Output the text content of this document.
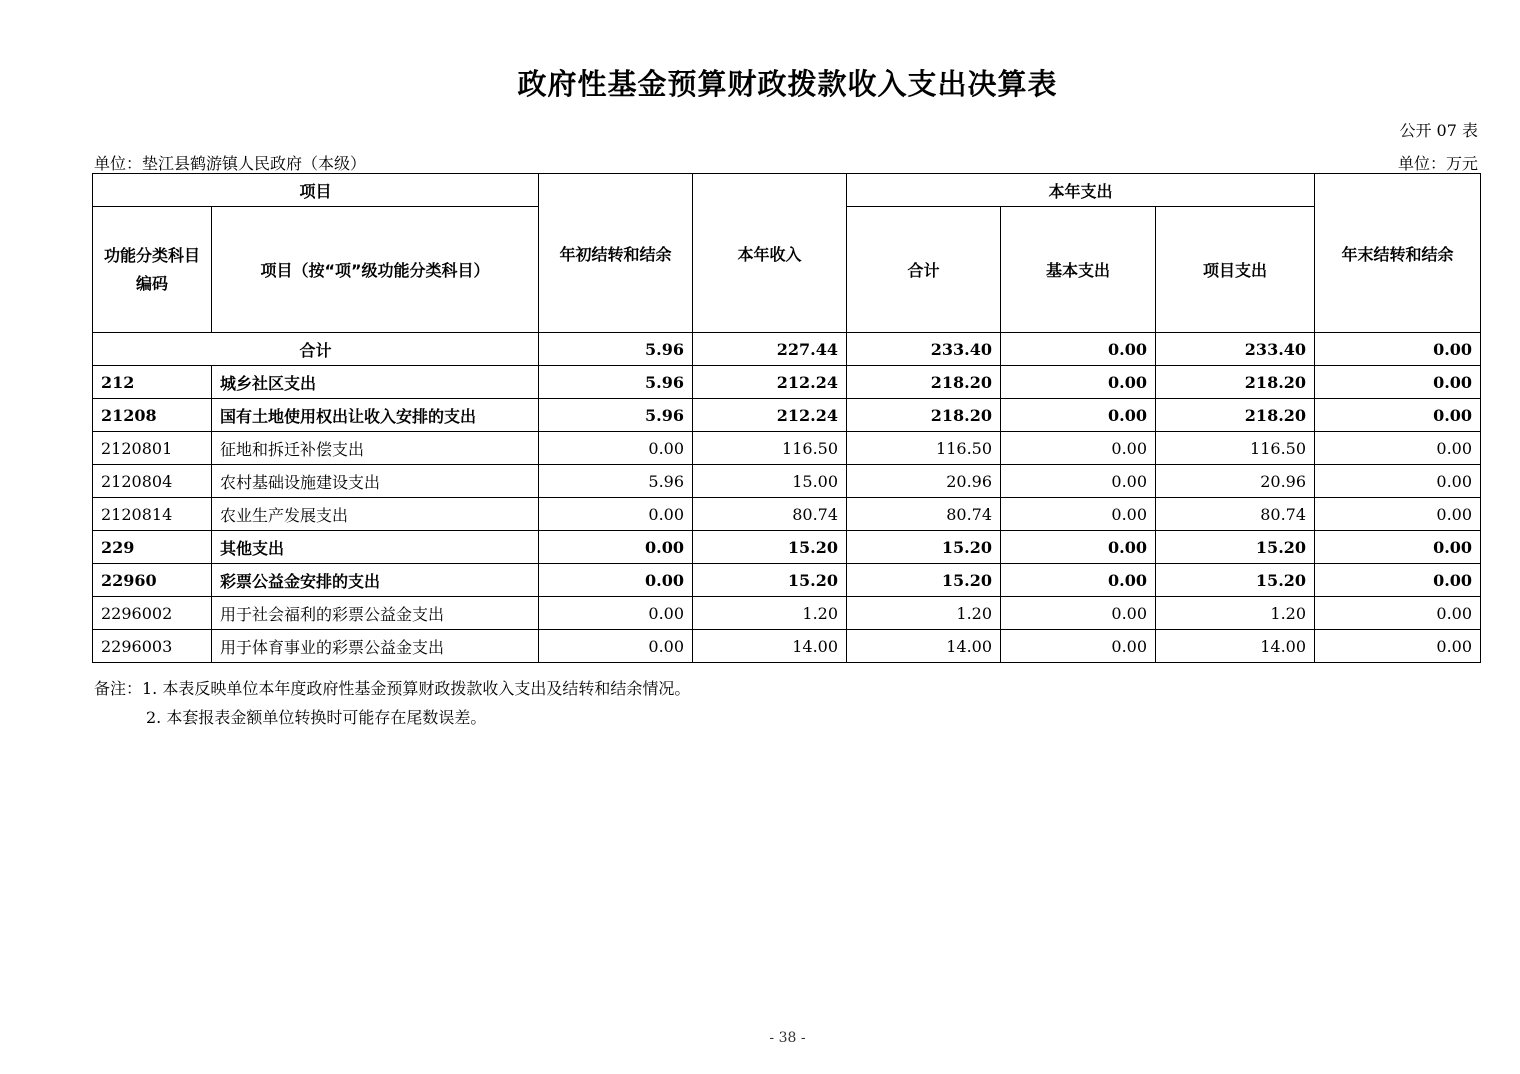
政府性基金预算财政拨款收入支出决算表
公开 07 表
单位：垫江县鹤游镇人民政府（本级）	单位：万元
项目		年初结转和结余	本年收入	本年支出			年末结转和结余
功能分类科目编码	项目（按“项”级功能分类科目）			合计	基本支出	项目支出	
合计		5.96	227.44	233.40	0.00	233.40	0.00
212	城乡社区支出	5.96	212.24	218.20	0.00	218.20	0.00
21208	国有土地使用权出让收入安排的支出	5.96	212.24	218.20	0.00	218.20	0.00
2120801	征地和拆迁补偿支出	0.00	116.50	116.50	0.00	116.50	0.00
2120804	农村基础设施建设支出	5.96	15.00	20.96	0.00	20.96	0.00
2120814	农业生产发展支出	0.00	80.74	80.74	0.00	80.74	0.00
229	其他支出	0.00	15.20	15.20	0.00	15.20	0.00
22960	彩票公益金安排的支出	0.00	15.20	15.20	0.00	15.20	0.00
2296002	用于社会福利的彩票公益金支出	0.00	1.20	1.20	0.00	1.20	0.00
2296003	用于体育事业的彩票公益金支出	0.00	14.00	14.00	0.00	14.00	0.00
备注：1. 本表反映单位本年度政府性基金预算财政拨款收入支出及结转和结余情况。
2. 本套报表金额单位转换时可能存在尾数误差。
- 38 -
